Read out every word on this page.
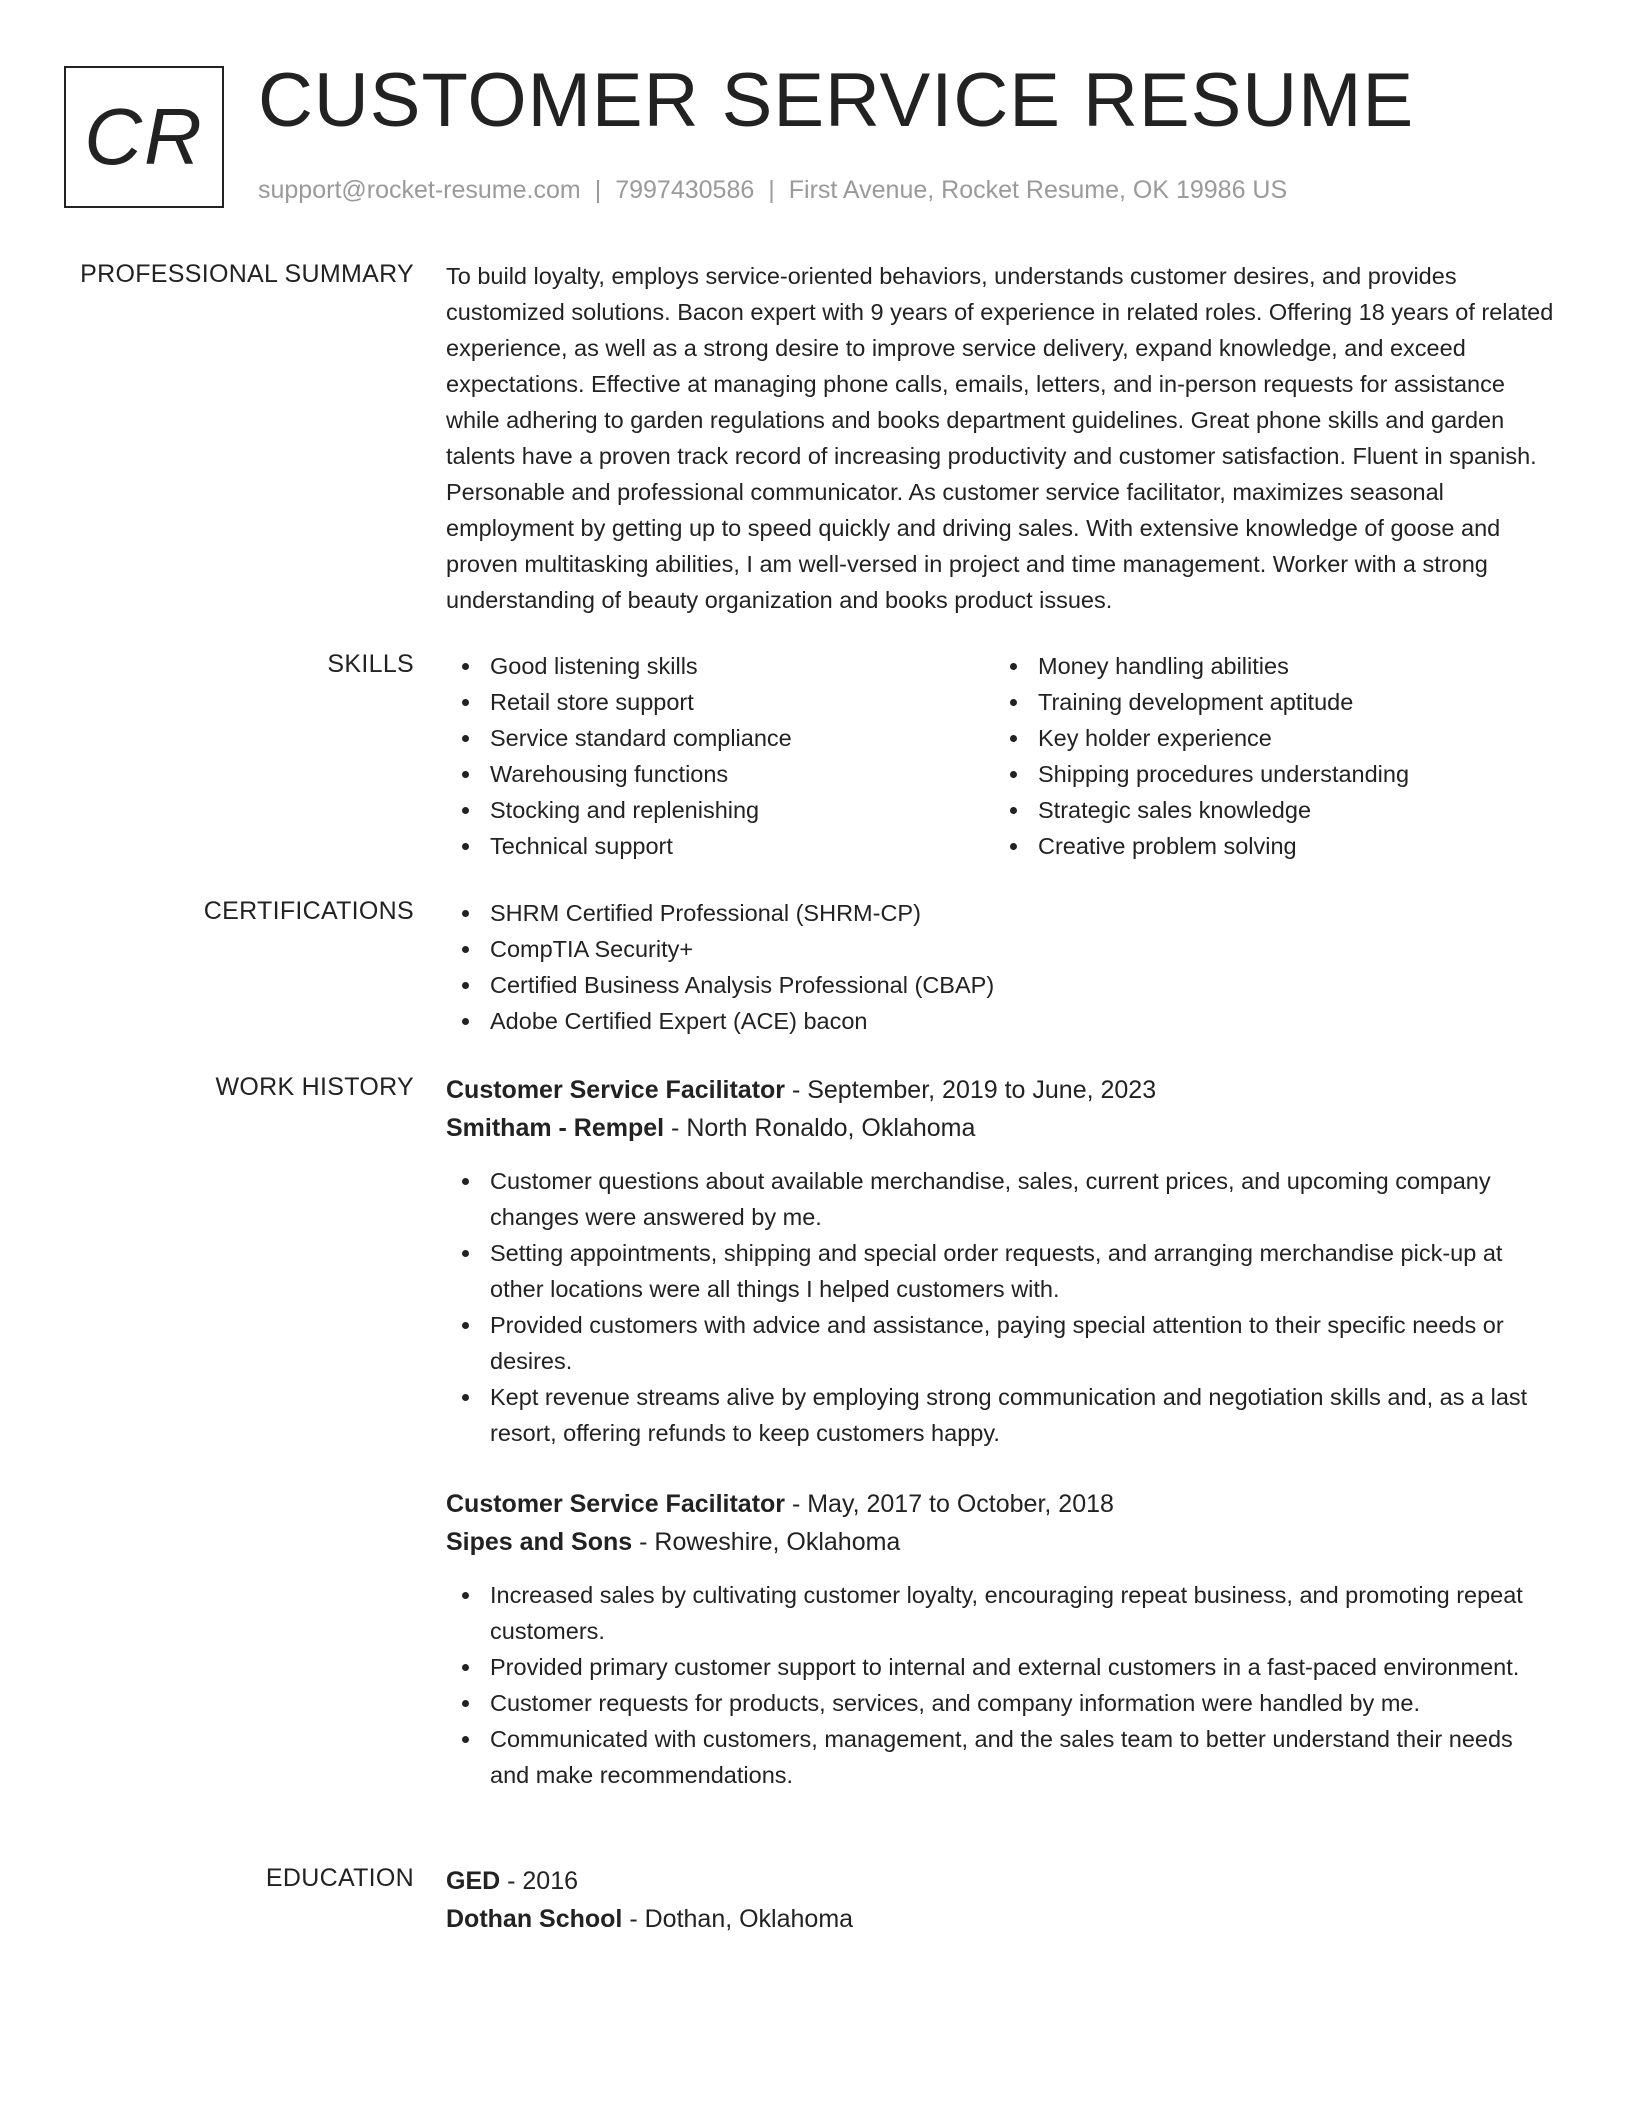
CR CUSTOMER SERVICE RESUME
support@rocket-resume.com | 7997430586 | First Avenue, Rocket Resume, OK 19986 US
PROFESSIONAL SUMMARY To build loyalty, employs service-oriented behaviors, understands customer desires, and provides customized solutions. Bacon expert with 9 years of experience in related roles. Offering 18 years of related experience, as well as a strong desire to improve service delivery, expand knowledge, and exceed expectations. Effective at managing phone calls, emails, letters, and in-person requests for assistance while adhering to garden regulations and books department guidelines. Great phone skills and garden talents have a proven track record of increasing productivity and customer satisfaction. Fluent in spanish. Personable and professional communicator. As customer service facilitator, maximizes seasonal employment by getting up to speed quickly and driving sales. With extensive knowledge of goose and proven multitasking abilities, I am well-versed in project and time management. Worker with a strong understanding of beauty organization and books product issues.

SKILLS	Good listening skills
Retail store support
Service standard compliance
Warehousing functions
Stocking and replenishing
Technical support
Money handling abilities
Training development aptitude
Key holder experience
Shipping procedures understanding
Strategic sales knowledge
Creative problem solving
CERTIFICATIONS	SHRM Certified Professional (SHRM-CP)
CompTIA Security+
Certified Business Analysis Professional (CBAP)
Adobe Certified Expert (ACE) bacon
WORK HISTORY Customer Service Facilitator - September, 2019 to June, 2023
Smitham - Rempel - North Ronaldo, Oklahoma
Customer questions about available merchandise, sales, current prices, and upcoming company changes were answered by me.
Setting appointments, shipping and special order requests, and arranging merchandise pick-up at other locations were all things I helped customers with.
Provided customers with advice and assistance, paying special attention to their specific needs or desires.
Kept revenue streams alive by employing strong communication and negotiation skills and, as a last resort, offering refunds to keep customers happy.
Customer Service Facilitator - May, 2017 to October, 2018
Sipes and Sons - Roweshire, Oklahoma
Increased sales by cultivating customer loyalty, encouraging repeat business, and promoting repeat customers.
Provided primary customer support to internal and external customers in a fast-paced environment.
Customer requests for products, services, and company information were handled by me.
Communicated with customers, management, and the sales team to better understand their needs and make recommendations.
EDUCATION GED - 2016
Dothan School - Dothan, Oklahoma
